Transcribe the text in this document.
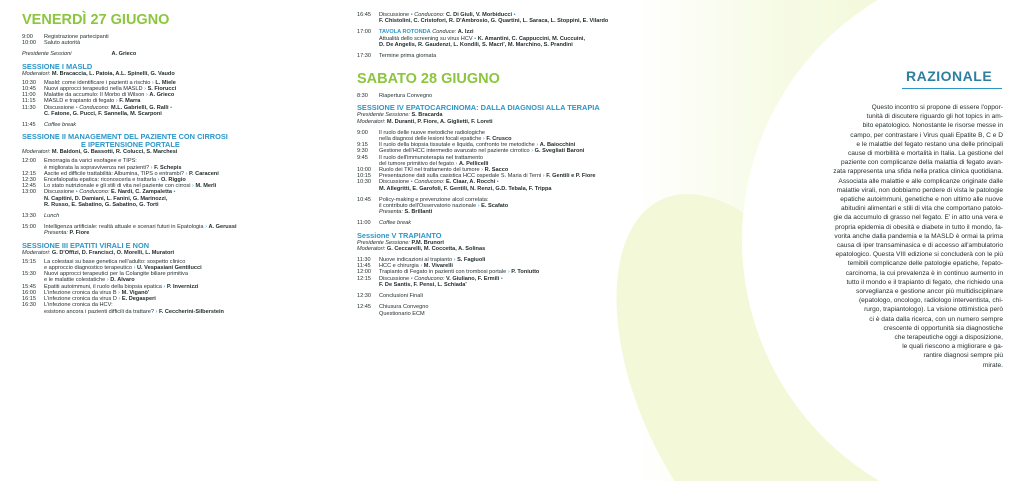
VENERDÌ 27 GIUGNO
9:00	Registrazione partecipanti
10:00	Saluto autorità
Presidente Sessioni	A. Grieco
SESSIONE I MASLD
Moderatori: M. Bracaccia, L. Patoia, A.L. Spinelli, G. Vaudo
10:30	Masld: come identificare i pazienti a rischio › L. Miele
10:45	Nuovi approcci terapeutici nella MASLD › S. Fiorucci
11:00	Malattie da accumulo: Il Morbo di Wilson › A. Grieco
11:15	MASLD e trapianto di fegato › F. Marra
11:30	Discussione • Conducono: M.L. Gabrielli, G. Ralli •
C. Fatone, G. Pucci, F. Sannella, M. Scarponi
11:45	Coffee break
SESSIONE II MANAGEMENT DEL PAZIENTE CON CIRROSI
E IPERTENSIONE PORTALE
Moderatori: M. Baldoni, G. Bassotti, R. Colucci, S. Marchesi
12:00	Emorragia da varici esofagee e TIPS:
è migliorata la sopravvivenza nei pazienti? › F. Schepis
12:15	Ascite ed difficile trattabilità: Albumina, TIPS o entrambi? › P. Caraceni
12:30	Encefalopatia epatica: riconoscerla e trattarla › O. Riggio
12:45	Lo stato nutrizionale e gli stili di vita nel paziente con cirrosi › M. Merli
13:00	Discussione • Conducono: E. Nardi, C. Zampaletta •
N. Capitini, D. Damiani, L. Fanini, G. Marinozzi,
R. Russo, E. Sabatino, G. Sabatino, G. Torti
13:30	Lunch
15:00	Intelligenza artificiale: realtà attuale e scenari futuri in Epatologia › A. Gerussi
Presenta: P. Fiore
SESSIONE III EPATITI VIRALI E NON
Moderatori: G. D'Offizi, D. Francisci, O. Morelli, L. Muratori
15:15	La colestasi su base genetica nell'adulto: sospetto clinico
e approccio diagnostico terapeutico › U. Vespasiani Gentilucci
15:30	Nuovi approcci terapeutici per la Colangite biliare primitiva
e le malattie colestatiche › D. Alvaro
15:45	Epatiti autoimmuni, il ruolo della biopsia epatica › P. Invernizzi
16:00	L'infezione cronica da virus B › M. Viganò'
16:15	L'infezione cronica da virus D › E. Degasperi
16:30	L'infezione cronica da HCV:
esistono ancora i pazienti difficili da trattare? › F. Ceccherini-Silberstein
16:45	Discussione • Conducono: C. Di Giuli, V. Morbiducci •
F. Chistolini, C. Cristofori, R. D'Ambrosio, G. Quartini, L. Saraca, L. Stoppini, E. Vilardo
17:00	TAVOLA ROTONDA Conduce: A. Izzi
Attualità dello screening su virus HCV • K. Amantini, C. Cappuccini, M. Cuccuini,
D. De Angelis, R. Gaudenzi, L. Kondili, S. Macri', M. Marchino, S. Prandini
17:30	Termine prima giornata
SABATO 28 GIUGNO
8:30	Riapertura Convegno
SESSIONE IV EPATOCARCINOMA: DALLA DIAGNOSI ALLA TERAPIA
Presidente Sessione: S. Bracarda
Moderatori: M. Duranti, P. Fiore, A. Giglietti, F. Loreti
9:00	Il ruolo delle nuove metodiche radiologiche
nella diagnosi delle lesioni focali epatiche › F. Crusco
9:15	Il ruolo della biopsia tissutale e liquida, confronto tre metodiche › A. Baiocchini
9:30	Gestione dell'HCC intermedio avanzato nel paziente cirrotico › G. Svegliati Baroni
9:45	Il ruolo dell'immunoterapia nel trattamento
del tumore primitivo del fegato › A. Pellicelli
10:00	Ruolo dei TKI nel trattamento del tumore › R. Sacco
10:15	Presentazione dati sulla casistica HCC ospedale S. Maria di Terni › F. Gentili e P. Fiore
10:30	Discussione • Conducono: E. Ciaar, A. Rocchi •
M. Allegritti, E. Garofoli, F. Gentili, N. Renzi, G.D. Tebala, F. Trippa
10:45	Policy-making e prevenzione alcol correlata:
il contributo dell'Osservatorio nazionale › E. Scafato
Presenta: S. Brillanti
11:00	Coffee break
Sessione V TRAPIANTO
Presidente Sessione: P.M. Brunori
Moderatori: G. Ceccarelli, M. Coccetta, A. Solinas
11:30	Nuove indicazioni al trapianto › S. Fagiuoli
11:45	HCC e chirurgia › M. Vivarelli
12:00	Trapianto di Fegato in pazienti con trombosi portale › P. Toniutto
12:15	Discussione • Conducono: V. Giuliano, F. Ermili •
F. De Santis, F. Pensi, L. Schiada'
12:30	Conclusioni Finali
12:45	Chiusura Convegno
Questionario ECM
RAZIONALE
Questo incontro si propone di essere l'oppor-
tunità di discutere riguardo gli hot topics in am-
bito epatologico. Nonostante le risorse messe in
campo, per contrastare i Virus quali Epatite B, C e D
e le malattie del fegato restano una delle principali
cause di morbilità e mortalità in Italia. La gestione del
paziente con complicanze della malattia di fegato avan-
zata rappresenta una sfida nella pratica clinica quotidiana.
Associata alle malattie e alle complicanze originate dalle
malattie virali, non dobbiamo perdere di vista le patologie
epatiche autoimmuni, genetiche e non ultimo alle nuove
abitudini alimentari e stili di vita che comportano patolo-
gie da accumulo di grasso nel fegato. E' in atto una vera e
propria epidemia di obesità e diabete in tutto il mondo, fa-
vorita anche dalla pandemia e la MASLD è ormai la prima
causa di iper transaminasica e di accesso all'ambulatorio
epatologico. Questa VIII edizione si concluderà con le più
temibili complicanze delle patologie epatiche, l'epato-
carcinoma, la cui prevalenza è in continuo aumento in
tutto il mondo e il trapianto di fegato, che richiedo una
sorveglianza e gestione ancor più multidisciplinare
(epatologo, oncologo, radiologo interventista, chi-
rurgo, trapiantologo). La visione ottimistica però
ci è data dalla ricerca, con un numero sempre
crescente di opportunità sia diagnostiche
che terapeutiche oggi a disposizione,
le quali riescono a migliorare e ga-
rantire diagnosi sempre più
mirate.
